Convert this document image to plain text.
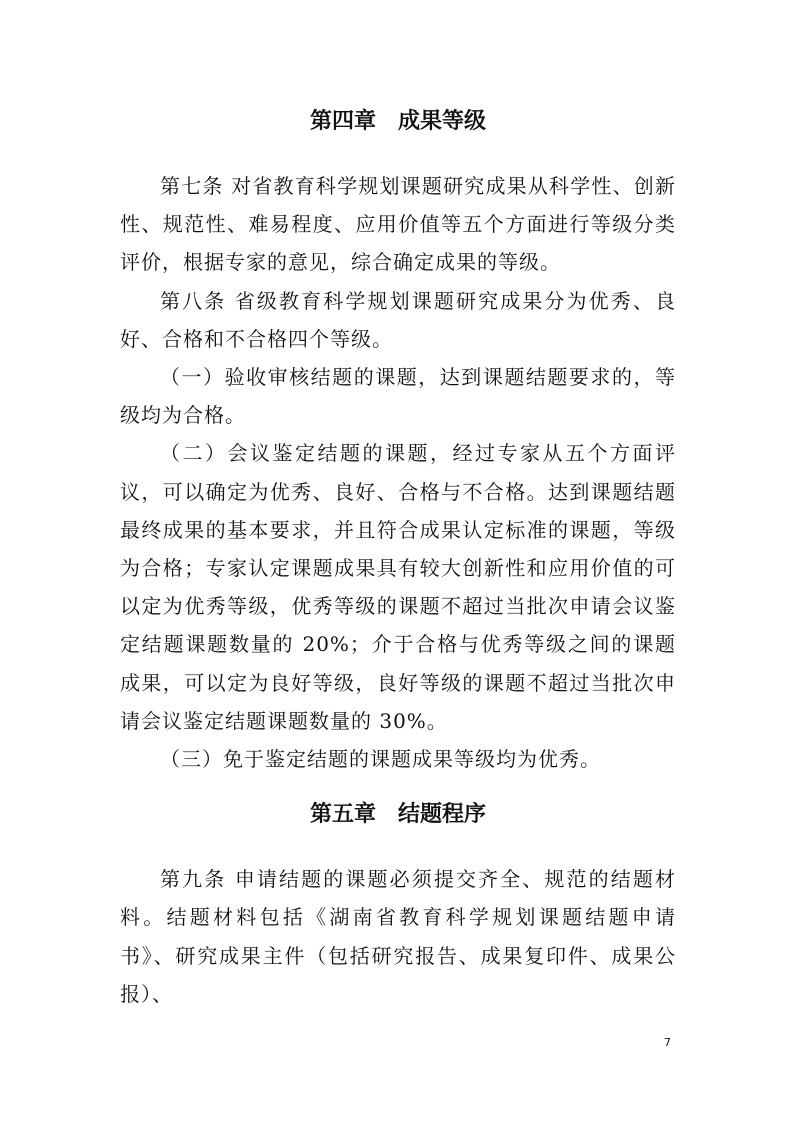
第四章　成果等级

第七条 对省教育科学规划课题研究成果从科学性、创新性、规范性、难易程度、应用价值等五个方面进行等级分类评价，根据专家的意见，综合确定成果的等级。

第八条 省级教育科学规划课题研究成果分为优秀、良好、合格和不合格四个等级。

（一）验收审核结题的课题，达到课题结题要求的，等级均为合格。

（二）会议鉴定结题的课题，经过专家从五个方面评议，可以确定为优秀、良好、合格与不合格。达到课题结题最终成果的基本要求，并且符合成果认定标准的课题，等级为合格；专家认定课题成果具有较大创新性和应用价值的可以定为优秀等级，优秀等级的课题不超过当批次申请会议鉴定结题课题数量的 20%；介于合格与优秀等级之间的课题成果，可以定为良好等级，良好等级的课题不超过当批次申请会议鉴定结题课题数量的 30%。

（三）免于鉴定结题的课题成果等级均为优秀。

第五章　结题程序

第九条 申请结题的课题必须提交齐全、规范的结题材料。结题材料包括《湖南省教育科学规划课题结题申请书》、研究成果主件（包括研究报告、成果复印件、成果公报）、

7
